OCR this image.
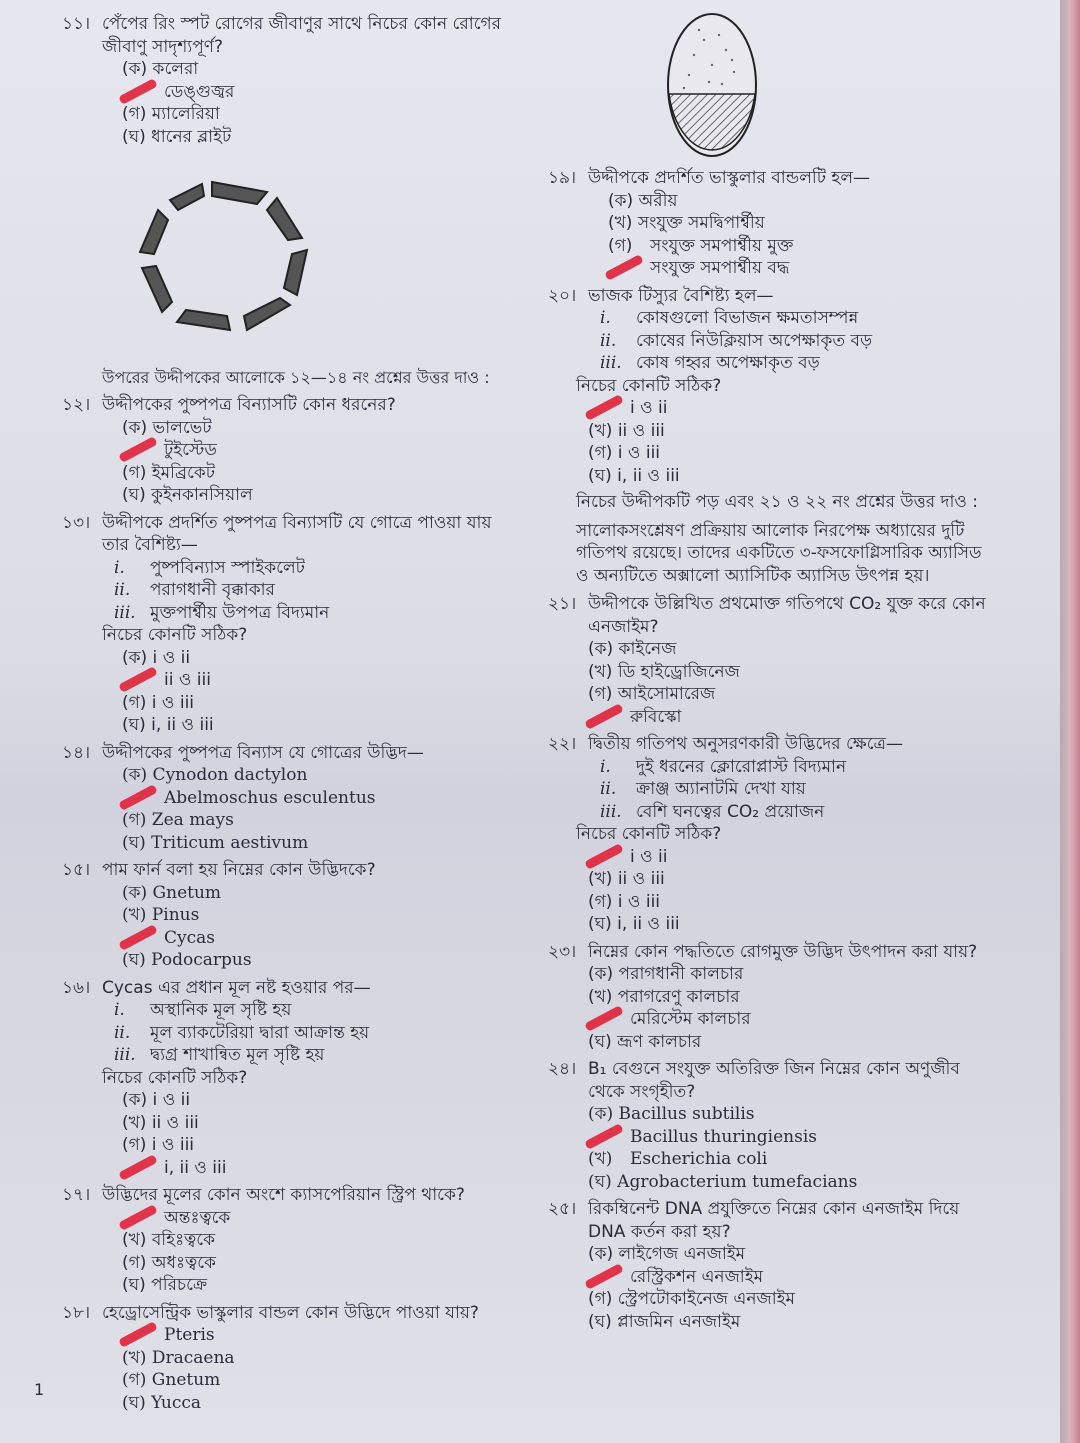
১১। পেঁপের রিং স্পট রোগের জীবাণুর সাথে নিচের কোন রোগের জীবাণু সাদৃশ্যপূর্ণ?
(ক) কলেরা
ডেঙ্গুজ্বর
(গ) ম্যালেরিয়া
(ঘ) ধানের ব্লাইট
উপরের উদ্দীপকের আলোকে ১২—১৪ নং প্রশ্নের উত্তর দাও :
১২। উদ্দীপকের পুষ্পপত্র বিন্যাসটি কোন ধরনের?
(ক) ভালভেট
টুইস্টেড
(গ) ইমব্রিকেট
(ঘ) কুইনকানসিয়াল
১৩। উদ্দীপকে প্রদর্শিত পুষ্পপত্র বিন্যাসটি যে গোত্রে পাওয়া যায় তার বৈশিষ্ট্য—
i.	পুষ্পবিন্যাস স্পাইকলেট
ii.	পরাগধানী বৃক্কাকার
iii. মুক্তপার্শ্বীয় উপপত্র বিদ্যমান
নিচের কোনটি সঠিক?
(ক) i ও ii
ii ও iii
(গ) i ও iii
(ঘ) i, ii ও iii
১৪। উদ্দীপকের পুষ্পপত্র বিন্যাস যে গোত্রের উদ্ভিদ—
(ক) Cynodon dactylon
Abelmoschus esculentus
(গ) Zea mays
(ঘ) Triticum aestivum
১৫। পাম ফার্ন বলা হয় নিম্নের কোন উদ্ভিদকে?
(ক) Gnetum
(খ) Pinus
Cycas
(ঘ) Podocarpus
১৬। Cycas এর প্রধান মূল নষ্ট হওয়ার পর—
i.	অস্থানিক মূল সৃষ্টি হয়
ii.	মূল ব্যাকটেরিয়া দ্বারা আক্রান্ত হয়
iii. দ্ব্যগ্র শাখান্বিত মূল সৃষ্টি হয়
নিচের কোনটি সঠিক?
(ক) i ও ii
(খ) ii ও iii
(গ) i ও iii
i, ii ও iii
১৭। উদ্ভিদের মূলের কোন অংশে ক্যাসপেরিয়ান স্ট্রিপ থাকে?
অন্তঃত্বকে
(খ) বহিঃত্বকে
(গ) অধঃত্বকে
(ঘ) পরিচক্রে
১৮। হেড্রোসেন্ট্রিক ভাস্কুলার বান্ডল কোন উদ্ভিদে পাওয়া যায়?
Pteris
(খ) Dracaena
(গ) Gnetum
(ঘ) Yucca
১৯। উদ্দীপকে প্রদর্শিত ভাস্কুলার বান্ডলটি হল—
(ক) অরীয়
(খ) সংযুক্ত সমদ্বিপার্শ্বীয়
(গ)	সংযুক্ত সমপার্শ্বীয় মুক্ত
সংযুক্ত সমপার্শ্বীয় বদ্ধ
২০। ভাজক টিস্যুর বৈশিষ্ট্য হল—
i.	কোষগুলো বিভাজন ক্ষমতাসম্পন্ন
ii.	কোষের নিউক্লিয়াস অপেক্ষাকৃত বড়
iii. কোষ গহ্বর অপেক্ষাকৃত বড়
নিচের কোনটি সঠিক?
i ও ii
(খ) ii ও iii
(গ) i ও iii
(ঘ) i, ii ও iii
নিচের উদ্দীপকটি পড় এবং ২১ ও ২২ নং প্রশ্নের উত্তর দাও :
সালোকসংশ্লেষণ প্রক্রিয়ায় আলোক নিরপেক্ষ অধ্যায়ের দুটি গতিপথ রয়েছে। তাদের একটিতে ৩-ফসফোগ্লিসারিক অ্যাসিড ও অন্যটিতে অক্সালো অ্যাসিটিক অ্যাসিড উৎপন্ন হয়।
২১। উদ্দীপকে উল্লিখিত প্রথমোক্ত গতিপথে CO₂ যুক্ত করে কোন এনজাইম?
(ক) কাইনেজ
(খ) ডি হাইড্রোজিনেজ
(গ) আইসোমারেজ
রুবিস্কো
২২। দ্বিতীয় গতিপথ অনুসরণকারী উদ্ভিদের ক্ষেত্রে—
i.	দুই ধরনের ক্লোরোপ্লাস্ট বিদ্যমান
ii.	ক্রাঞ্জ অ্যানাটমি দেখা যায়
iii. বেশি ঘনত্বের CO₂ প্রয়োজন
নিচের কোনটি সঠিক?
i ও ii
(খ) ii ও iii
(গ) i ও iii
(ঘ) i, ii ও iii
২৩। নিম্নের কোন পদ্ধতিতে রোগমুক্ত উদ্ভিদ উৎপাদন করা যায়?
(ক) পরাগধানী কালচার
(খ) পরাগরেণু কালচার
মেরিস্টেম কালচার
(ঘ) ভ্রূণ কালচার
২৪। B₁ বেগুনে সংযুক্ত অতিরিক্ত জিন নিম্নের কোন অণুজীব থেকে সংগৃহীত?
(ক) Bacillus subtilis
Bacillus thuringiensis
(খ)	Escherichia coli
(ঘ) Agrobacterium tumefacians
২৫। রিকম্বিনেন্ট DNA প্রযুক্তিতে নিম্নের কোন এনজাইম দিয়ে DNA কর্তন করা হয়?
(ক) লাইগেজ এনজাইম
রেস্ট্রিকশন এনজাইম
(গ) স্ট্রেপটোকাইনেজ এনজাইম
(ঘ) প্লাজমিন এনজাইম
1
